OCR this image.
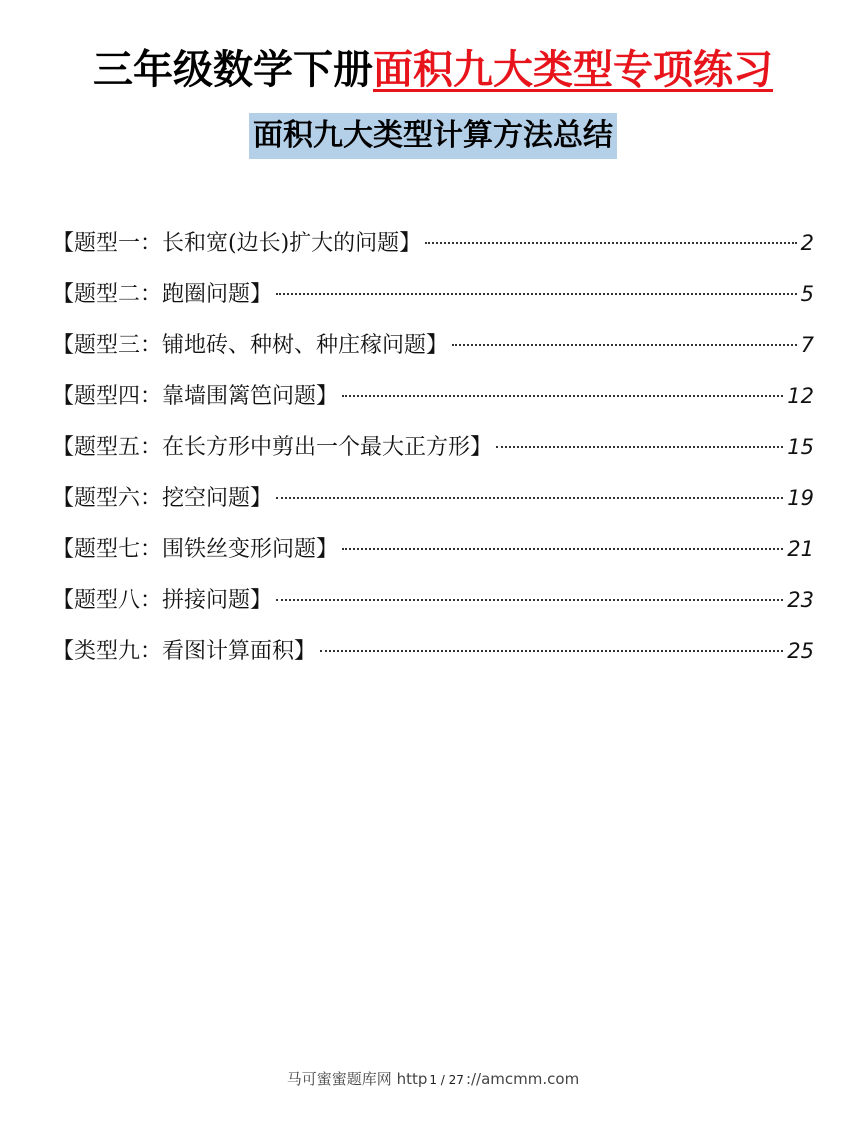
三年级数学下册面积九大类型专项练习
面积九大类型计算方法总结
【题型一：长和宽(边长)扩大的问题】	2
【题型二：跑圈问题】	5
【题型三：铺地砖、种树、种庄稼问题】	7
【题型四：靠墙围篱笆问题】	12
【题型五：在长方形中剪出一个最大正方形】	15
【题型六：挖空问题】	19
【题型七：围铁丝变形问题】	21
【题型八：拼接问题】	23
【类型九：看图计算面积】	25
马可蜜蜜题库网 http 1 / 27 ://amcmm.com
